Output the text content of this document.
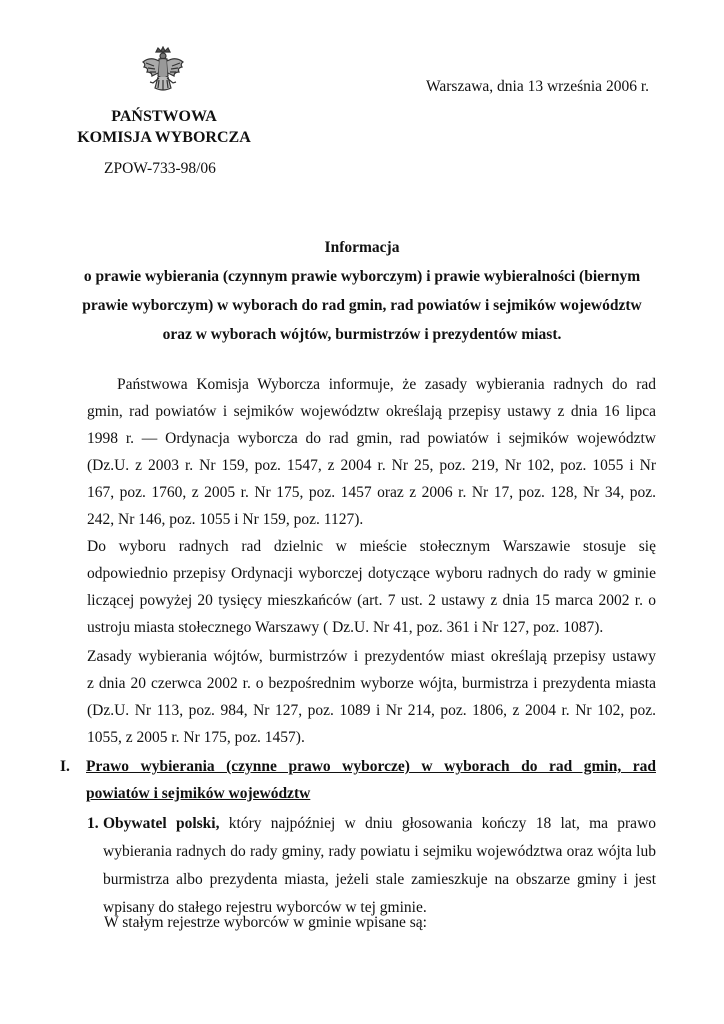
Warszawa, dnia 13 września 2006 r.
PAŃSTWOWA
KOMISJA WYBORCZA
ZPOW-733-98/06
Informacja
o prawie wybierania (czynnym prawie wyborczym) i prawie wybieralności (biernym
prawie wyborczym) w wyborach do rad gmin, rad powiatów i sejmików województw
oraz w wyborach wójtów, burmistrzów i prezydentów miast.
Państwowa Komisja Wyborcza informuje, że zasady wybierania radnych do rad
gmin, rad powiatów i sejmików województw określają przepisy ustawy z dnia 16 lipca
1998 r. — Ordynacja wyborcza do rad gmin, rad powiatów i sejmików województw
(Dz.U. z 2003 r. Nr 159, poz. 1547, z 2004 r. Nr 25, poz. 219, Nr 102, poz. 1055 i Nr
167, poz. 1760, z 2005 r. Nr 175, poz. 1457 oraz z 2006 r. Nr 17, poz. 128, Nr 34, poz.
242, Nr 146, poz. 1055 i Nr 159, poz. 1127).
Do wyboru radnych rad dzielnic w mieście stołecznym Warszawie stosuje się
odpowiednio przepisy Ordynacji wyborczej dotyczące wyboru radnych do rady w gminie
liczącej powyżej 20 tysięcy mieszkańców (art. 7 ust. 2 ustawy z dnia 15 marca 2002 r. o
ustroju miasta stołecznego Warszawy ( Dz.U. Nr 41, poz. 361 i Nr 127, poz. 1087).
Zasady wybierania wójtów, burmistrzów i prezydentów miast określają przepisy ustawy
z dnia 20 czerwca 2002 r. o bezpośrednim wyborze wójta, burmistrza i prezydenta miasta
(Dz.U. Nr 113, poz. 984, Nr 127, poz. 1089 i Nr 214, poz. 1806, z 2004 r. Nr 102, poz.
1055, z 2005 r. Nr 175, poz. 1457).
I. Prawo wybierania (czynne prawo wyborcze) w wyborach do rad gmin, rad
powiatów i sejmików województw
1. Obywatel polski, który najpóźniej w dniu głosowania kończy 18 lat, ma prawo wybierania radnych do rady gminy, rady powiatu i sejmiku województwa oraz wójta lub burmistrza albo prezydenta miasta, jeżeli stale zamieszkuje na obszarze gminy i jest wpisany do stałego rejestru wyborców w tej gminie.
W stałym rejestrze wyborców w gminie wpisane są:
